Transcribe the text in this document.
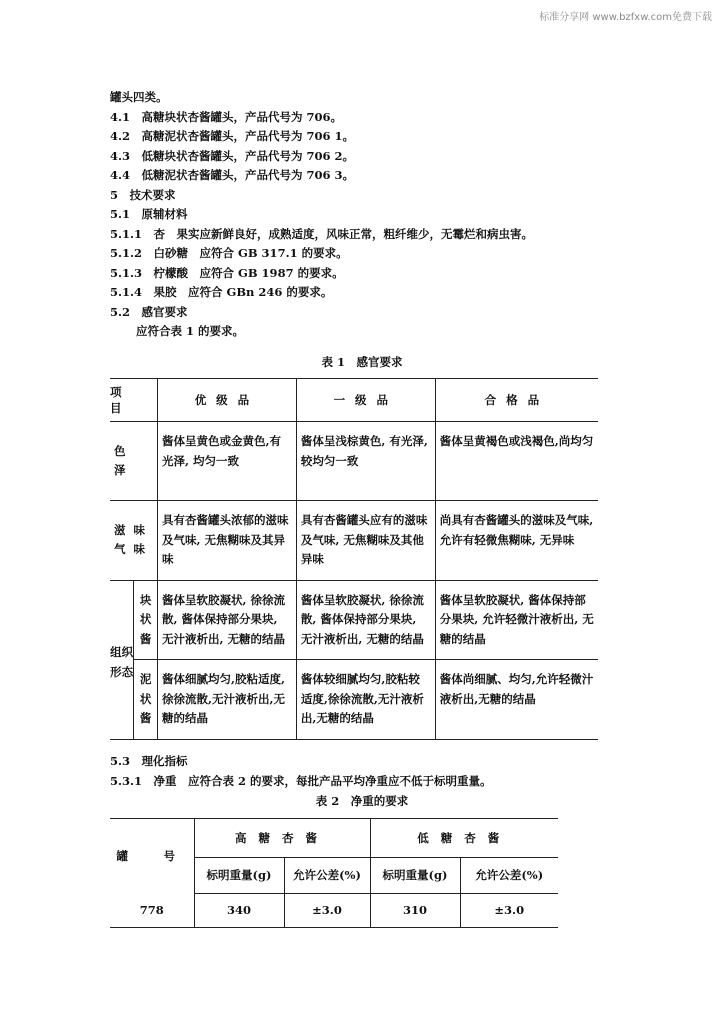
标准分享网 www.bzfxw.com免费下载
罐头四类。
4.1　高糖块状杏酱罐头，产品代号为 706。
4.2　高糖泥状杏酱罐头，产品代号为 706 1。
4.3　低糖块状杏酱罐头，产品代号为 706 2。
4.4　低糖泥状杏酱罐头，产品代号为 706 3。
5　技术要求
5.1　原辅材料
5.1.1　杏　果实应新鲜良好，成熟适度，风味正常，粗纤维少，无霉烂和病虫害。
5.1.2　白砂糖　应符合 GB 317.1 的要求。
5.1.3　柠檬酸　应符合 GB 1987 的要求。
5.1.4　果胶　应符合 GBn 246 的要求。
5.2　感官要求
应符合表 1 的要求。
表 1　感官要求
项　目		优级品	一级品	合格品
色泽		酱体呈黄色或金黄色,有光泽, 均匀一致	酱体呈浅棕黄色, 有光泽, 较均匀一致	酱体呈黄褐色或浅褐色,尚均匀
滋味气味		具有杏酱罐头浓郁的滋味及气味, 无焦糊味及其异味	具有杏酱罐头应有的滋味及气味, 无焦糊味及其他异味	尚具有杏酱罐头的滋味及气味, 允许有轻微焦糊味, 无异味
组织形态	块状酱	酱体呈软胶凝状, 徐徐流散, 酱体保持部分果块, 无汁液析出, 无糖的结晶	酱体呈软胶凝状, 徐徐流散, 酱体保持部分果块, 无汁液析出, 无糖的结晶	酱体呈软胶凝状, 酱体保持部分果块, 允许轻微汁液析出, 无糖的结晶
	泥状酱	酱体细腻均匀,胶粘适度,徐徐流散,无汁液析出,无糖的结晶	酱体较细腻均匀,胶粘较适度,徐徐流散,无汁液析出,无糖的结晶	酱体尚细腻、均匀,允许轻微汁液析出,无糖的结晶
5.3　理化指标
5.3.1　净重　应符合表 2 的要求，每批产品平均净重应不低于标明重量。
表 2　净重的要求
罐　号	高糖杏酱		低糖杏酱	
	标明重量(g)	允许公差(%)	标明重量(g)	允许公差(%)
778	340	±3.0	310	±3.0
